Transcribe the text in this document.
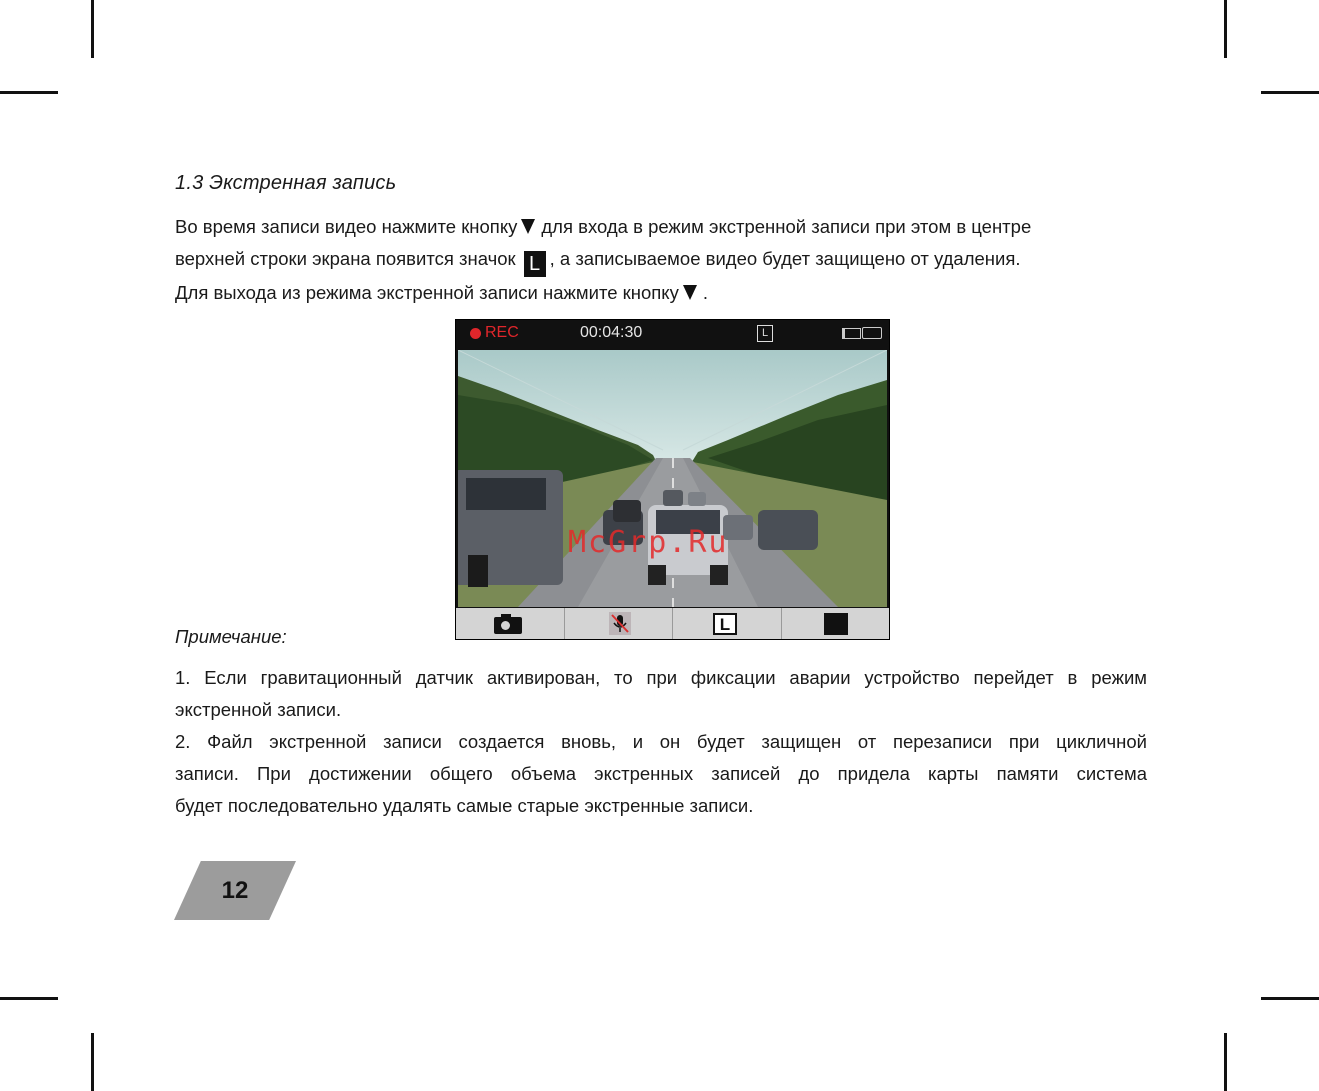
1.3 Экстренная запись
Во время записи видео нажмите кнопку для входа в режим экстренной записи при этом в центре
верхней строки экрана появится значок L , а записываемое видео будет защищено от удаления.
Для выхода из режима экстренной записи нажмите кнопку .
REC	00:04:30	L
L
McGrp.Ru
Примечание:
1. Если гравитационный датчик активирован, то при фиксации аварии устройство перейдет в режим
экстренной записи.
2. Файл экстренной записи создается вновь, и он будет защищен от перезаписи при цикличной
записи. При достижении общего объема экстренных записей до придела карты памяти система
будет последовательно удалять самые старые экстренные записи.
12
